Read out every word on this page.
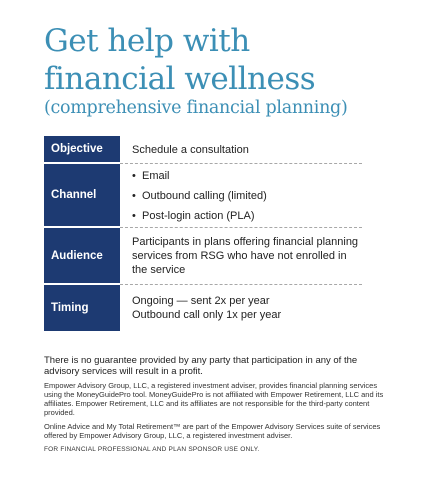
Get help with
financial wellness
(comprehensive financial planning)
Objective	Schedule a consultation
Channel
• Email
• Outbound calling (limited)
• Post-login action (PLA)
Audience
Participants in plans offering financial planning services from RSG who have not enrolled in the service
Timing
Ongoing — sent 2x per year
Outbound call only 1x per year

There is no guarantee provided by any party that participation in any of the advisory services will result in a profit.

Empower Advisory Group, LLC, a registered investment adviser, provides financial planning services using the MoneyGuidePro tool. MoneyGuidePro is not affiliated with Empower Retirement, LLC and its affiliates. Empower Retirement, LLC and its affiliates are not responsible for the third-party content provided.

Online Advice and My Total Retirement™ are part of the Empower Advisory Services suite of services offered by Empower Advisory Group, LLC, a registered investment adviser.

FOR FINANCIAL PROFESSIONAL AND PLAN SPONSOR USE ONLY.
